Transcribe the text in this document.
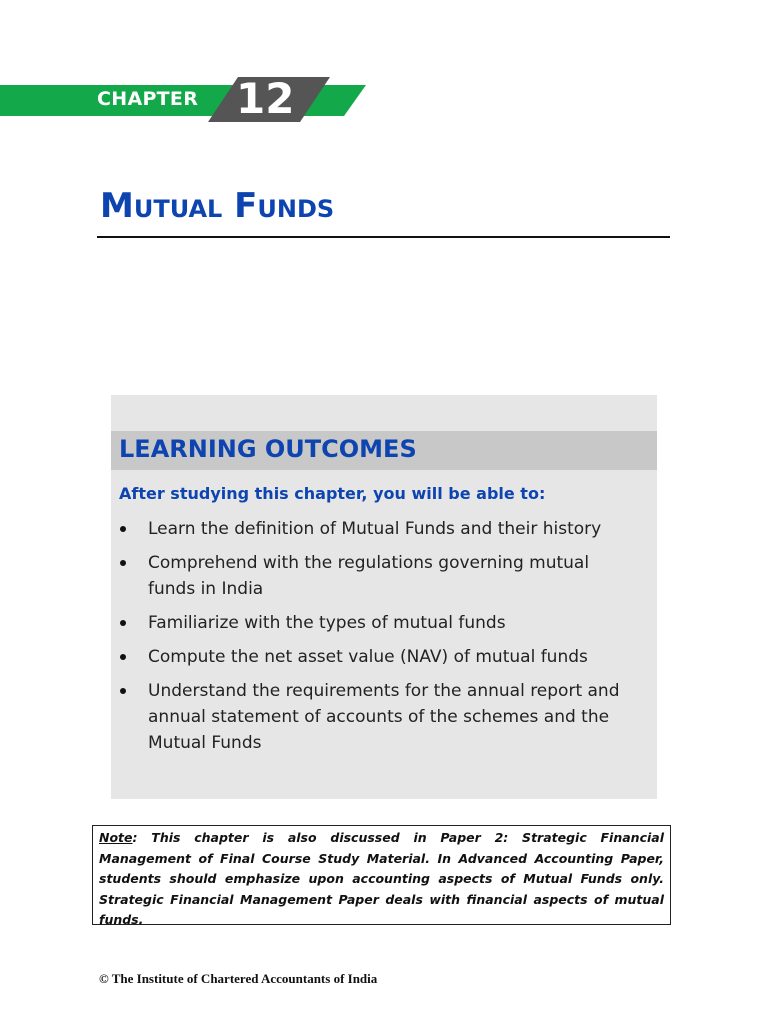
CHAPTER 12
Mutual Funds
LEARNING OUTCOMES

After studying this chapter, you will be able to:

Learn the definition of Mutual Funds and their history
Comprehend with the regulations governing mutual funds in India
Familiarize with the types of mutual funds
Compute the net asset value (NAV) of mutual funds
Understand the requirements for the annual report and annual statement of accounts of the schemes and the Mutual Funds
Note: This chapter is also discussed in Paper 2: Strategic Financial Management of Final Course Study Material. In Advanced Accounting Paper, students should emphasize upon accounting aspects of Mutual Funds only. Strategic Financial Management Paper deals with financial aspects of mutual funds.
© The Institute of Chartered Accountants of India
